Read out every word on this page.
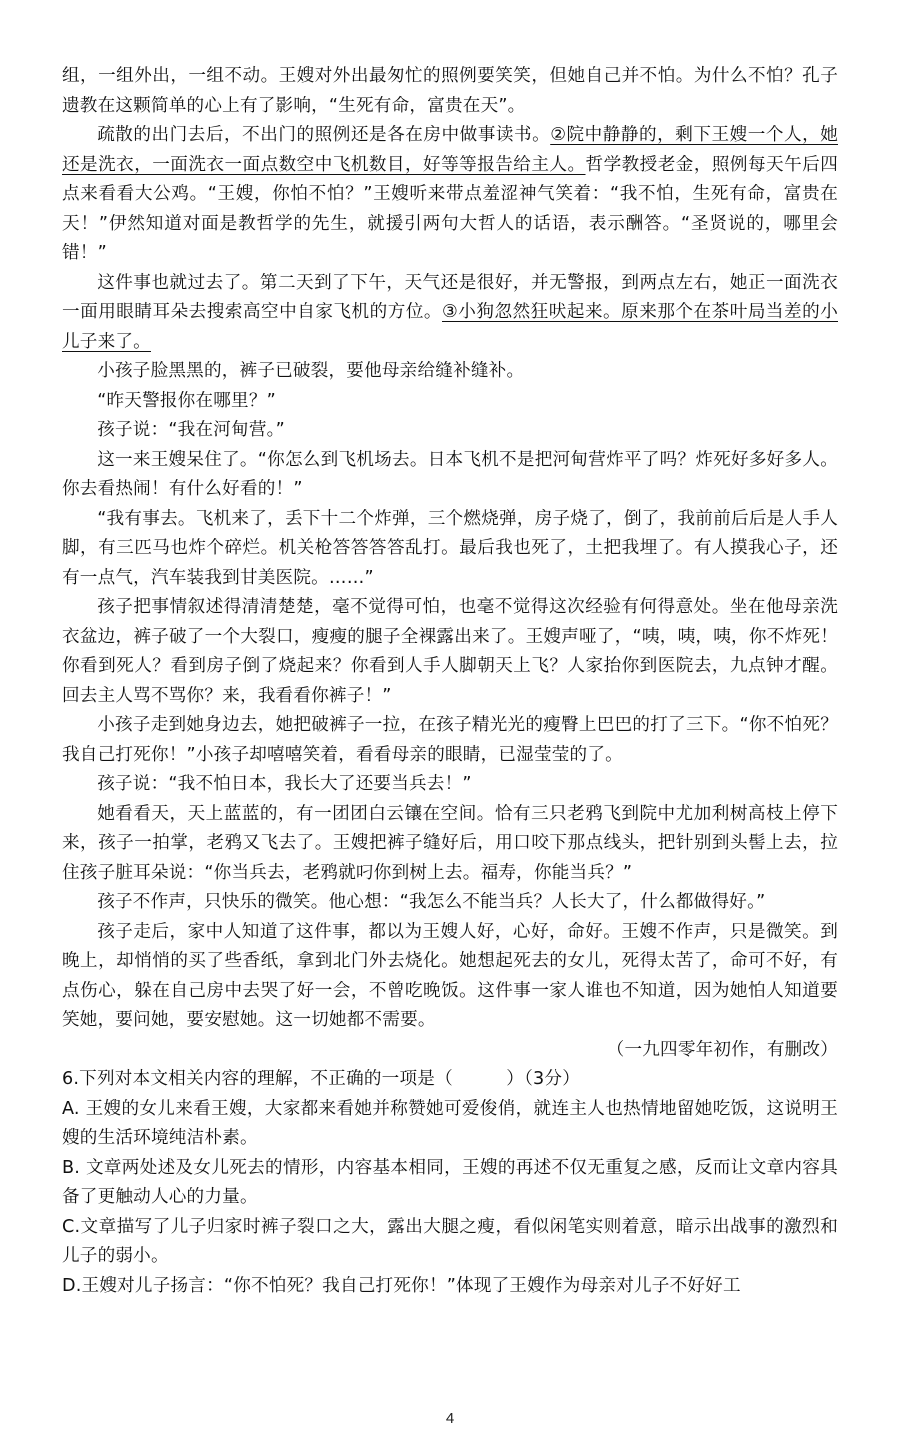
组，一组外出，一组不动。王嫂对外出最匆忙的照例要笑笑，但她自己并不怕。为什么不怕？孔子遗教在这颗简单的心上有了影响，“生死有命，富贵在天”。

疏散的出门去后，不出门的照例还是各在房中做事读书。②院中静静的，剩下王嫂一个人，她还是洗衣，一面洗衣一面点数空中飞机数目，好等等报告给主人。哲学教授老金，照例每天午后四点来看看大公鸡。“王嫂，你怕不怕？”王嫂听来带点羞涩神气笑着：“我不怕，生死有命，富贵在天！”伊然知道对面是教哲学的先生，就援引两句大哲人的话语，表示酬答。“圣贤说的，哪里会错！”

这件事也就过去了。第二天到了下午，天气还是很好，并无警报，到两点左右，她正一面洗衣一面用眼睛耳朵去搜索高空中自家飞机的方位。③小狗忽然狂吠起来。原来那个在茶叶局当差的小儿子来了。

小孩子脸黑黑的，裤子已破裂，要他母亲给缝补缝补。

“昨天警报你在哪里？”

孩子说：“我在河甸营。”

这一来王嫂呆住了。“你怎么到飞机场去。日本飞机不是把河甸营炸平了吗？炸死好多好多人。你去看热闹！有什么好看的！”

“我有事去。飞机来了，丢下十二个炸弹，三个燃烧弹，房子烧了，倒了，我前前后后是人手人脚，有三匹马也炸个碎烂。机关枪答答答答乱打。最后我也死了，土把我埋了。有人摸我心子，还有一点气，汽车装我到甘美医院。……”

孩子把事情叙述得清清楚楚，毫不觉得可怕，也毫不觉得这次经验有何得意处。坐在他母亲洗衣盆边，裤子破了一个大裂口，瘦瘦的腿子全裸露出来了。王嫂声哑了，“咦，咦，咦，你不炸死！你看到死人？看到房子倒了烧起来？你看到人手人脚朝天上飞？人家抬你到医院去，九点钟才醒。回去主人骂不骂你？来，我看看你裤子！”

小孩子走到她身边去，她把破裤子一拉，在孩子精光光的瘦臀上巴巴的打了三下。“你不怕死？我自己打死你！”小孩子却嘻嘻笑着，看看母亲的眼睛，已湿莹莹的了。

孩子说：“我不怕日本，我长大了还要当兵去！”

她看看天，天上蓝蓝的，有一团团白云镶在空间。恰有三只老鸦飞到院中尤加利树高枝上停下来，孩子一拍掌，老鸦又飞去了。王嫂把裤子缝好后，用口咬下那点线头，把针别到头髻上去，拉住孩子脏耳朵说：“你当兵去，老鸦就叼你到树上去。福寿，你能当兵？”

孩子不作声，只快乐的微笑。他心想：“我怎么不能当兵？人长大了，什么都做得好。”

孩子走后，家中人知道了这件事，都以为王嫂人好，心好，命好。王嫂不作声，只是微笑。到晚上，却悄悄的买了些香纸，拿到北门外去烧化。她想起死去的女儿，死得太苦了，命可不好，有点伤心，躲在自己房中去哭了好一会，不曾吃晚饭。这件事一家人谁也不知道，因为她怕人知道要笑她，要问她，要安慰她。这一切她都不需要。

（一九四零年初作，有删改）

6.下列对本文相关内容的理解，不正确的一项是（　　　）（3分）

A. 王嫂的女儿来看王嫂，大家都来看她并称赞她可爱俊俏，就连主人也热情地留她吃饭，这说明王嫂的生活环境纯洁朴素。

B. 文章两处述及女儿死去的情形，内容基本相同，王嫂的再述不仅无重复之感，反而让文章内容具备了更触动人心的力量。

C.文章描写了儿子归家时裤子裂口之大，露出大腿之瘦，看似闲笔实则着意，暗示出战事的激烈和儿子的弱小。

D.王嫂对儿子扬言：“你不怕死？我自己打死你！”体现了王嫂作为母亲对儿子不好好工

4
